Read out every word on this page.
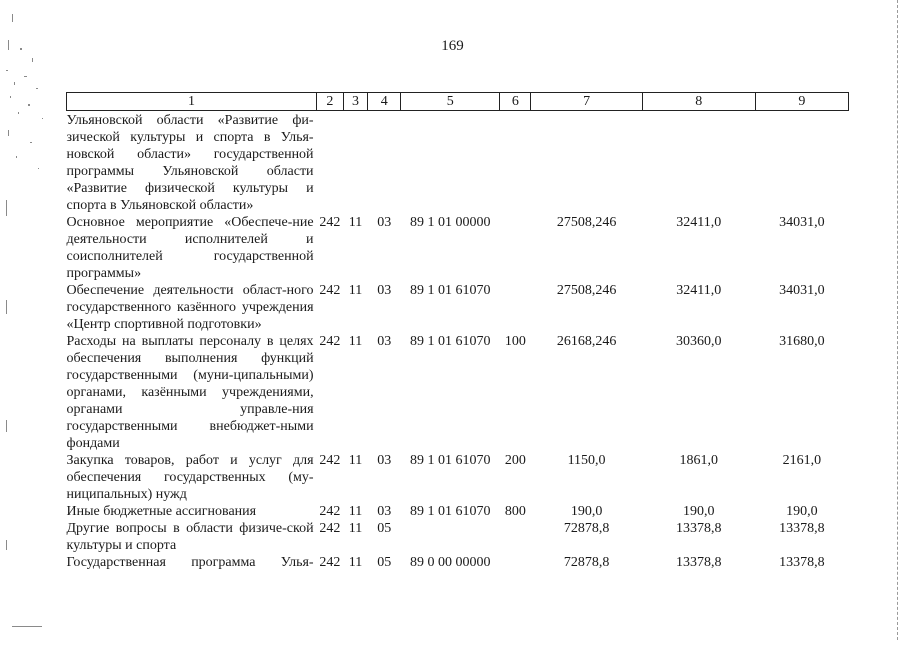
169
1	2	3	4	5	6	7	8	9
Ульяновской области «Развитие фи-зической культуры и спорта в Улья-новской области» государственной программы Ульяновской области «Развитие физической культуры и спорта в Ульяновской области»								
Основное мероприятие «Обеспече-ние деятельности исполнителей и соисполнителей государственной программы»	242	11	03	89 1 01 00000		27508,246	32411,0	34031,0
Обеспечение деятельности област-ного государственного казённого учреждения «Центр спортивной подготовки»	242	11	03	89 1 01 61070		27508,246	32411,0	34031,0
Расходы на выплаты персоналу в целях обеспечения выполнения функций государственными (муни-ципальными) органами, казёнными учреждениями, органами управле-ния государственными внебюджет-ными фондами	242	11	03	89 1 01 61070	100	26168,246	30360,0	31680,0
Закупка товаров, работ и услуг для обеспечения государственных (му-ниципальных) нужд	242	11	03	89 1 01 61070	200	1150,0	1861,0	2161,0
Иные бюджетные ассигнования	242	11	03	89 1 01 61070	800	190,0	190,0	190,0
Другие вопросы в области физиче-ской культуры и спорта	242	11	05			72878,8	13378,8	13378,8
Государственная программа Улья-	242	11	05	89 0 00 00000		72878,8	13378,8	13378,8
